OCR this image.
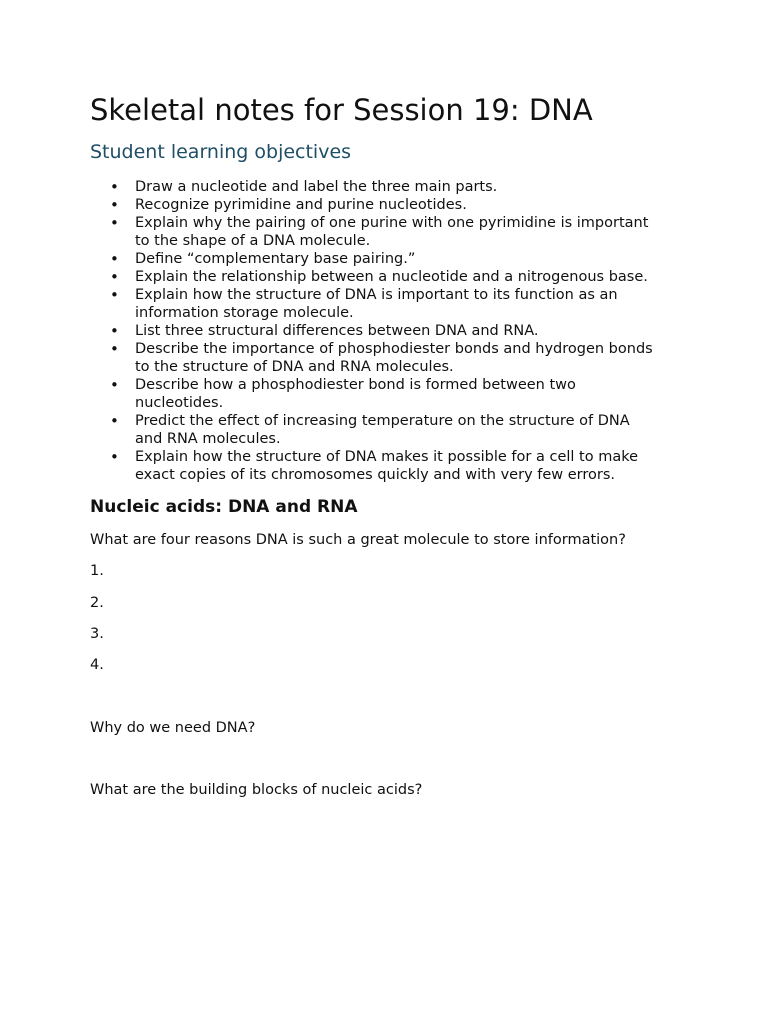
Skeletal notes for Session 19: DNA
Student learning objectives
• Draw a nucleotide and label the three main parts.
• Recognize pyrimidine and purine nucleotides.
• Explain why the pairing of one purine with one pyrimidine is important
to the shape of a DNA molecule.
• Define “complementary base pairing.”
• Explain the relationship between a nucleotide and a nitrogenous base.
• Explain how the structure of DNA is important to its function as an
information storage molecule.
• List three structural differences between DNA and RNA.
• Describe the importance of phosphodiester bonds and hydrogen bonds
to the structure of DNA and RNA molecules.
• Describe how a phosphodiester bond is formed between two
nucleotides.
• Predict the effect of increasing temperature on the structure of DNA
and RNA molecules.
• Explain how the structure of DNA makes it possible for a cell to make
exact copies of its chromosomes quickly and with very few errors.
Nucleic acids: DNA and RNA

What are four reasons DNA is such a great molecule to store information?

1.

2.

3.

4.

Why do we need DNA?

What are the building blocks of nucleic acids?
